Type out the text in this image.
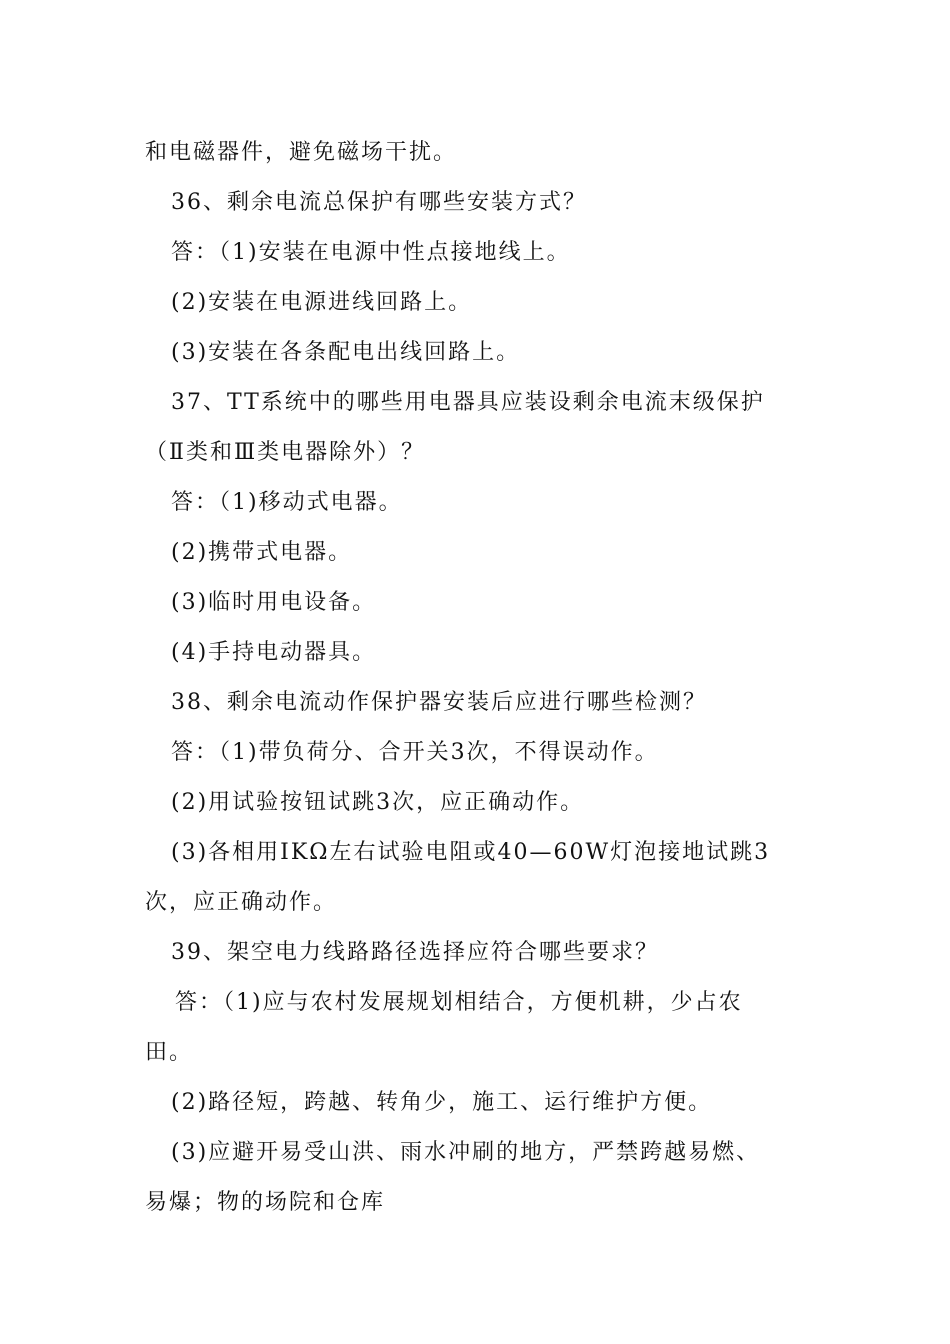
和电磁器件，避免磁场干扰。
36、剩余电流总保护有哪些安装方式？
答：（1)安装在电源中性点接地线上。
(2)安装在电源进线回路上。
(3)安装在各条配电出线回路上。
37、TT系统中的哪些用电器具应装设剩余电流末级保护
（Ⅱ类和Ⅲ类电器除外）？
答：（1)移动式电器。
(2)携带式电器。
(3)临时用电设备。
(4)手持电动器具。
38、剩余电流动作保护器安装后应进行哪些检测？
答：（1)带负荷分、合开关3次，不得误动作。
(2)用试验按钮试跳3次，应正确动作。
(3)各相用IKΩ左右试验电阻或40—60W灯泡接地试跳3
次，应正确动作。
39、架空电力线路路径选择应符合哪些要求？
答：（1)应与农村发展规划相结合，方便机耕，少占农
田。
(2)路径短，跨越、转角少，施工、运行维护方便。
(3)应避开易受山洪、雨水冲刷的地方，严禁跨越易燃、
易爆；物的场院和仓库
